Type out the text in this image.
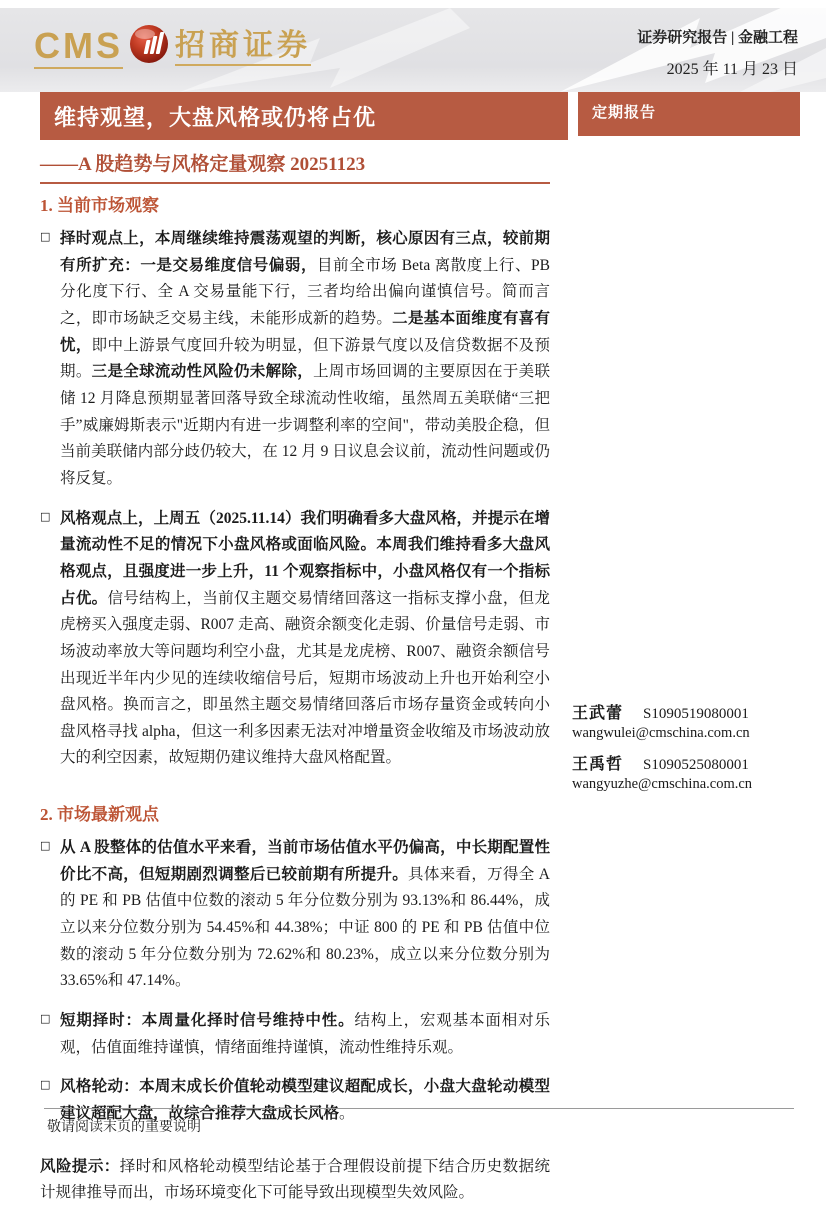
CMS 招商证券	证券研究报告 | 金融工程
2025 年 11 月 23 日
维持观望，大盘风格或仍将占优	定期报告
——A 股趋势与风格定量观察 20251123
1. 当前市场观察
□ 择时观点上，本周继续维持震荡观望的判断，核心原因有三点，较前期有所扩充：一是交易维度信号偏弱，目前全市场 Beta 离散度上行、PB 分化度下行、全 A 交易量能下行，三者均给出偏向谨慎信号。简而言之，即市场缺乏交易主线，未能形成新的趋势。二是基本面维度有喜有忧，即中上游景气度回升较为明显，但下游景气度以及信贷数据不及预期。三是全球流动性风险仍未解除，上周市场回调的主要原因在于美联储 12 月降息预期显著回落导致全球流动性收缩，虽然周五美联储“三把手”威廉姆斯表示"近期内有进一步调整利率的空间"，带动美股企稳，但当前美联储内部分歧仍较大，在 12 月 9 日议息会议前，流动性问题或仍将反复。

□ 风格观点上，上周五（2025.11.14）我们明确看多大盘风格，并提示在增量流动性不足的情况下小盘风格或面临风险。本周我们维持看多大盘风格观点，且强度进一步上升，11 个观察指标中，小盘风格仅有一个指标占优。信号结构上，当前仅主题交易情绪回落这一指标支撑小盘，但龙虎榜买入强度走弱、R007 走高、融资余额变化走弱、价量信号走弱、市场波动率放大等问题均利空小盘，尤其是龙虎榜、R007、融资余额信号出现近半年内少见的连续收缩信号后，短期市场波动上升也开始利空小盘风格。换而言之，即虽然主题交易情绪回落后市场存量资金或转向小盘风格寻找 alpha，但这一利多因素无法对冲增量资金收缩及市场波动放大的利空因素，故短期仍建议维持大盘风格配置。

2. 市场最新观点
□ 从 A 股整体的估值水平来看，当前市场估值水平仍偏高，中长期配置性价比不高，但短期剧烈调整后已较前期有所提升。具体来看，万得全 A 的 PE 和 PB 估值中位数的滚动 5 年分位数分别为 93.13%和 86.44%，成立以来分位数分别为 54.45%和 44.38%；中证 800 的 PE 和 PB 估值中位数的滚动 5 年分位数分别为 72.62%和 80.23%，成立以来分位数分别为 33.65%和 47.14%。

□ 短期择时：本周量化择时信号维持中性。结构上，宏观基本面相对乐观，估值面维持谨慎，情绪面维持谨慎，流动性维持乐观。

□ 风格轮动：本周末成长价值轮动模型建议超配成长，小盘大盘轮动模型建议超配大盘，故综合推荐大盘成长风格。

风险提示：择时和风格轮动模型结论基于合理假设前提下结合历史数据统计规律推导而出，市场环境变化下可能导致出现模型失效风险。
王武蕾 S1090519080001
wangwulei@cmschina.com.cn
王禹哲 S1090525080001
wangyuzhe@cmschina.com.cn
敬请阅读末页的重要说明
